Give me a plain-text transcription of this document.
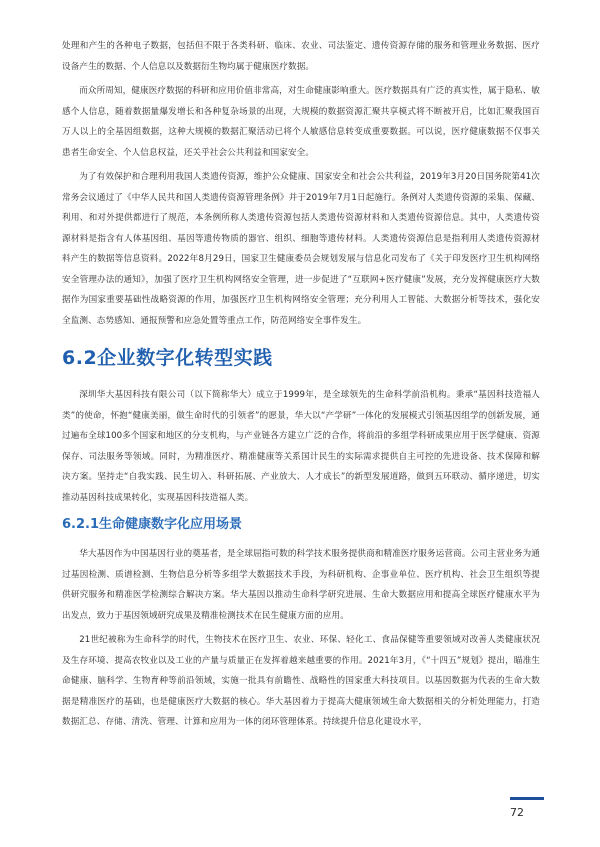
处理和产生的各种电子数据，包括但不限于各类科研、临床、农业、司法鉴定、遗传资源存储的服务和管理业务数据、医疗设备产生的数据、个人信息以及数据衍生物均属于健康医疗数据。

而众所周知，健康医疗数据的科研和应用价值非常高，对生命健康影响重大。医疗数据具有广泛的真实性，属于隐私、敏感个人信息，随着数据量爆发增长和各种复杂场景的出现，大规模的数据资源汇聚共享模式将不断被开启，比如汇聚我国百万人以上的全基因组数据，这种大规模的数据汇聚活动已将个人敏感信息转变成重要数据。可以说，医疗健康数据不仅事关患者生命安全、个人信息权益，还关乎社会公共利益和国家安全。

为了有效保护和合理利用我国人类遗传资源，维护公众健康、国家安全和社会公共利益，2019年3月20日国务院第41次常务会议通过了《中华人民共和国人类遗传资源管理条例》并于2019年7月1日起施行。条例对人类遗传资源的采集、保藏、利用、和对外提供都进行了规范，本条例所称人类遗传资源包括人类遗传资源材料和人类遗传资源信息。其中，人类遗传资源材料是指含有人体基因组、基因等遗传物质的器官、组织、细胞等遗传材料。人类遗传资源信息是指利用人类遗传资源材料产生的数据等信息资料。2022年8月29日，国家卫生健康委员会规划发展与信息化司发布了《关于印发医疗卫生机构网络安全管理办法的通知》，加强了医疗卫生机构网络安全管理，进一步促进了“互联网+医疗健康”发展，充分发挥健康医疗大数据作为国家重要基础性战略资源的作用，加强医疗卫生机构网络安全管理；充分利用人工智能、大数据分析等技术，强化安全监测、态势感知、通报预警和应急处置等重点工作，防范网络安全事件发生。

6.2企业数字化转型实践

深圳华大基因科技有限公司（以下简称华大）成立于1999年，是全球领先的生命科学前沿机构。秉承“基因科技造福人类”的使命，怀抱“健康美丽，做生命时代的引领者”的愿景，华大以“产学研”一体化的发展模式引领基因组学的创新发展，通过遍布全球100多个国家和地区的分支机构，与产业链各方建立广泛的合作，将前沿的多组学科研成果应用于医学健康、资源保存、司法服务等领域。同时，为精准医疗、精准健康等关系国计民生的实际需求提供自主可控的先进设备、技术保障和解决方案。坚持走“自我实践、民生切入、科研拓展、产业放大、人才成长”的新型发展道路，做到五环联动、循序递进，切实推动基因科技成果转化，实现基因科技造福人类。

6.2.1生命健康数字化应用场景

华大基因作为中国基因行业的奠基者，是全球屈指可数的科学技术服务提供商和精准医疗服务运营商。公司主营业务为通过基因检测、质谱检测、生物信息分析等多组学大数据技术手段，为科研机构、企事业单位、医疗机构、社会卫生组织等提供研究服务和精准医学检测综合解决方案。华大基因以推动生命科学研究进展、生命大数据应用和提高全球医疗健康水平为出发点，致力于基因领域研究成果及精准检测技术在民生健康方面的应用。

21世纪被称为生命科学的时代，生物技术在医疗卫生、农业、环保、轻化工、食品保健等重要领域对改善人类健康状况及生存环境、提高农牧业以及工业的产量与质量正在发挥着越来越重要的作用。2021年3月，《“十四五”规划》提出，瞄准生命健康、脑科学、生物育种等前沿领域，实施一批具有前瞻性、战略性的国家重大科技项目。以基因数据为代表的生命大数据是精准医疗的基础，也是健康医疗大数据的核心。华大基因着力于提高大健康领域生命大数据相关的分析处理能力，打造数据汇总、存储、清洗、管理、计算和应用为一体的闭环管理体系。持续提升信息化建设水平，

72
